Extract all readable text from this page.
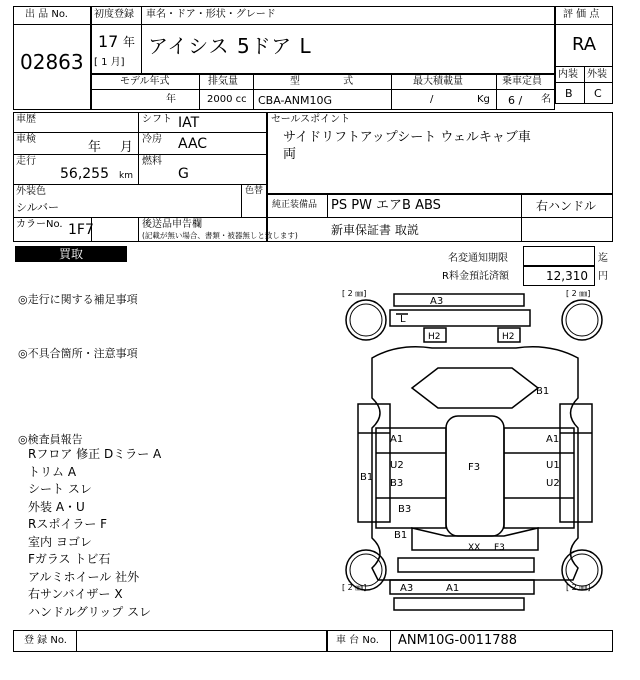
出 品 No.
02863
初度登録 車名・ドア・形状・グレード
17 年
[ 1 月]
アイシス 5ドア L
評 価 点
RA
内装 外装
B C
モデル年式	排気量	型 式	最大積載量	乗車定員
年	2000 cc CBA-ANM10G	/	Kg 6 / 名
車歴	シフト IAT
車検
年 月
冷房 AAC
走行
56,255 km
燃料
G
外装色	色替
シルバー
カラーNo. 1F7	後送品申告欄
(記載が無い場合、書類・被器無しと致します)
セールスポイント
サイドリフトアップシート ウェルキャブ車
両
純正装備品 PS PW エアB ABS	右ハンドル
新車保証書 取説
買取	名変通知期限	迄
R料金預託済額	12,310 円
◎走行に関する補足事項
◎不具合箇所・注意事項
◎検査員報告
Rフロア 修正 Dミラー A
トリム A
シート スレ
外装 A・U
Rスポイラー F
室内 ヨゴレ
Fガラス トビ石
アルミホイール 社外
右サンバイザー X
ハンドルグリップ スレ
[ 2 ㎜]	[ 2 ㎜]
[ 2 ㎜]	[ 2 ㎜]
A3
L
H2	H2
B1
A1	A1
U2
B3
B1
F3	U1
U2
B3
B1
XX F3
A3	A1
登 録 No.	車 台 No. ANM10G-0011788
